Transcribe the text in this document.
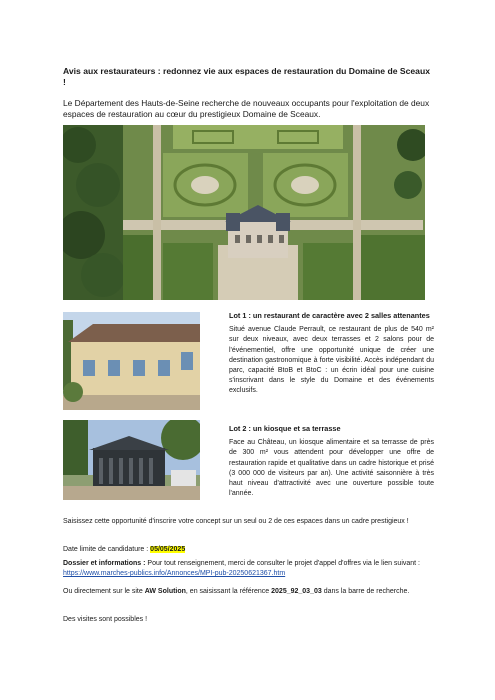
Avis aux restaurateurs : redonnez vie aux espaces de restauration du Domaine de Sceaux !
Le Département des Hauts-de-Seine recherche de nouveaux occupants pour l'exploitation de deux espaces de restauration au cœur du prestigieux Domaine de Sceaux.
Lot 1 : un restaurant de caractère avec 2 salles attenantes
Situé avenue Claude Perrault, ce restaurant de plus de 540 m² sur deux niveaux, avec deux terrasses et 2 salons pour de l'événementiel, offre une opportunité unique de créer une destination gastronomique à forte visibilité. Accès indépendant du parc, capacité BtoB et BtoC : un écrin idéal pour une cuisine s'inscrivant dans le style du Domaine et des événements exclusifs.
Lot 2 : un kiosque et sa terrasse
Face au Château, un kiosque alimentaire et sa terrasse de près de 300 m² vous attendent pour développer une offre de restauration rapide et qualitative dans un cadre historique et prisé (3 000 000 de visiteurs par an). Une activité saisonnière à très haut niveau d'attractivité avec une ouverture possible toute l'année.
Saisissez cette opportunité d'inscrire votre concept sur un seul ou 2 de ces espaces dans un cadre prestigieux !
Date limite de candidature : 05/05/2025
Dossier et informations : Pour tout renseignement, merci de consulter le projet d'appel d'offres via le lien suivant : https://www.marches-publics.info/Annonces/MPI-pub-20250621367.htm
Ou directement sur le site AW Solution, en saisissant la référence 2025_92_03_03 dans la barre de recherche.
Des visites sont possibles !
